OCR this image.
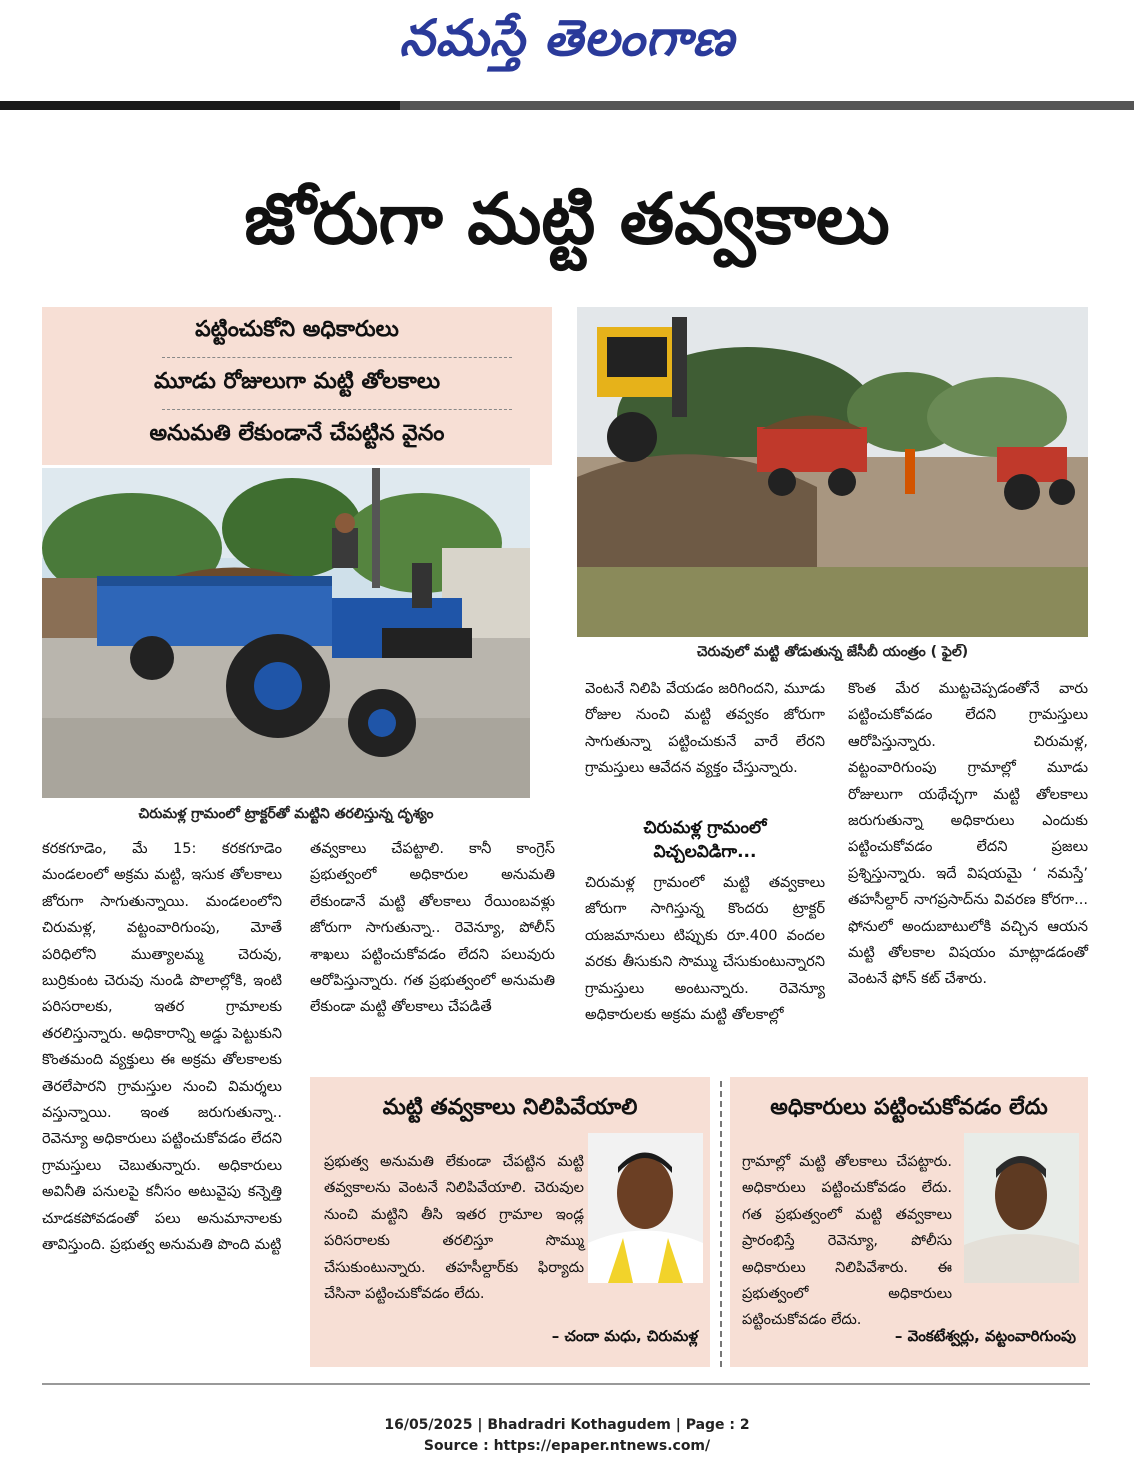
నమస్తే తెలంగాణ
జోరుగా మట్టి తవ్వకాలు
పట్టించుకోని అధికారులు
మూడు రోజులుగా మట్టి తోలకాలు
అనుమతి లేకుండానే చేపట్టిన వైనం
చిరుమళ్ల గ్రామంలో ట్రాక్టర్‌తో మట్టిని తరలిస్తున్న దృశ్యం
చెరువులో మట్టి తోడుతున్న జేసీబీ యంత్రం ( ఫైల్)
కరకగూడెం, మే 15: కరకగూడెం మండలంలో అక్రమ మట్టి, ఇసుక తోలకాలు జోరుగా సాగుతున్నాయి. మండలంలోని చిరుమళ్ల, వట్టంవారిగుంపు, మోతే పరిధిలోని ముత్యాలమ్మ చెరువు, బుర్రికుంట చెరువు నుండి పొలాల్లోకి, ఇంటి పరిసరాలకు, ఇతర గ్రామాలకు తరలిస్తున్నారు. అధికారాన్ని అడ్డు పెట్టుకుని కొంతమంది వ్యక్తులు ఈ అక్రమ తోలకాలకు తెరలేపారని గ్రామస్తుల నుంచి విమర్శలు వస్తున్నాయి. ఇంత జరుగుతున్నా.. రెవెన్యూ అధికారులు పట్టించుకోవడం లేదని గ్రామస్తులు చెబుతున్నారు. అధికారులు అవినీతి పనులపై కనీసం అటువైపు కన్నెత్తి చూడకపోవడంతో పలు అనుమానాలకు తావిస్తుంది. ప్రభుత్వ అనుమతి పొంది మట్టి
తవ్వకాలు చేపట్టాలి. కానీ కాంగ్రెస్ ప్రభుత్వంలో అధికారుల అనుమతి లేకుండానే మట్టి తోలకాలు రేయింబవళ్లు జోరుగా సాగుతున్నా.. రెవెన్యూ, పోలీస్ శాఖలు పట్టించుకోవడం లేదని పలువురు ఆరోపిస్తున్నారు. గత ప్రభుత్వంలో అనుమతి లేకుండా మట్టి తోలకాలు చేపడితే
వెంటనే నిలిపి వేయడం జరిగిందని, మూడు రోజుల నుంచి మట్టి తవ్వకం జోరుగా సాగుతున్నా పట్టించుకునే వారే లేరని గ్రామస్తులు ఆవేదన వ్యక్తం చేస్తున్నారు.
చిరుమళ్ల గ్రామంలో
విచ్చలవిడిగా...
చిరుమళ్ల గ్రామంలో మట్టి తవ్వకాలు జోరుగా సాగిస్తున్న కొందరు ట్రాక్టర్ యజమానులు టిప్పుకు రూ.400 వందల వరకు తీసుకుని సొమ్ము చేసుకుంటున్నారని గ్రామస్తులు అంటున్నారు. రెవెన్యూ అధికారులకు అక్రమ మట్టి తోలకాల్లో
కొంత మేర ముట్టచెప్పడంతోనే వారు పట్టించుకోవడం లేదని గ్రామస్తులు ఆరోపిస్తున్నారు. చిరుమళ్ల, వట్టంవారిగుంపు గ్రామాల్లో మూడు రోజులుగా యథేచ్ఛగా మట్టి తోలకాలు జరుగుతున్నా అధికారులు ఎందుకు పట్టించుకోవడం లేదని ప్రజలు ప్రశ్నిస్తున్నారు. ఇదే విషయమై ‘ నమస్తే’ తహసీల్దార్ నాగప్రసాద్‌ను వివరణ కోరగా... ఫోనులో అందుబాటులోకి వచ్చిన ఆయన మట్టి తోలకాల విషయం మాట్లాడడంతో వెంటనే ఫోన్ కట్ చేశారు.
మట్టి తవ్వకాలు నిలిపివేయాలి
ప్రభుత్వ అనుమతి లేకుండా చేపట్టిన మట్టి తవ్వకాలను వెంటనే నిలిపివేయాలి. చెరువుల నుంచి మట్టిని తీసి ఇతర గ్రామాల ఇండ్ల పరిసరాలకు తరలిస్తూ సొమ్ము చేసుకుంటున్నారు. తహసీల్దార్‌కు ఫిర్యాదు చేసినా పట్టించుకోవడం లేదు.
– చందా మధు, చిరుమళ్ల
అధికారులు పట్టించుకోవడం లేదు
గ్రామాల్లో మట్టి తోలకాలు చేపట్టారు. అధికారులు పట్టించుకోవడం లేదు. గత ప్రభుత్వంలో మట్టి తవ్వకాలు ప్రారంభిస్తే రెవెన్యూ, పోలీసు అధికారులు నిలిపివేశారు. ఈ ప్రభుత్వంలో అధికారులు పట్టించుకోవడం లేదు.
– వెంకటేశ్వర్లు, వట్టంవారిగుంపు
16/05/2025 | Bhadradri Kothagudem | Page : 2
Source : https://epaper.ntnews.com/
